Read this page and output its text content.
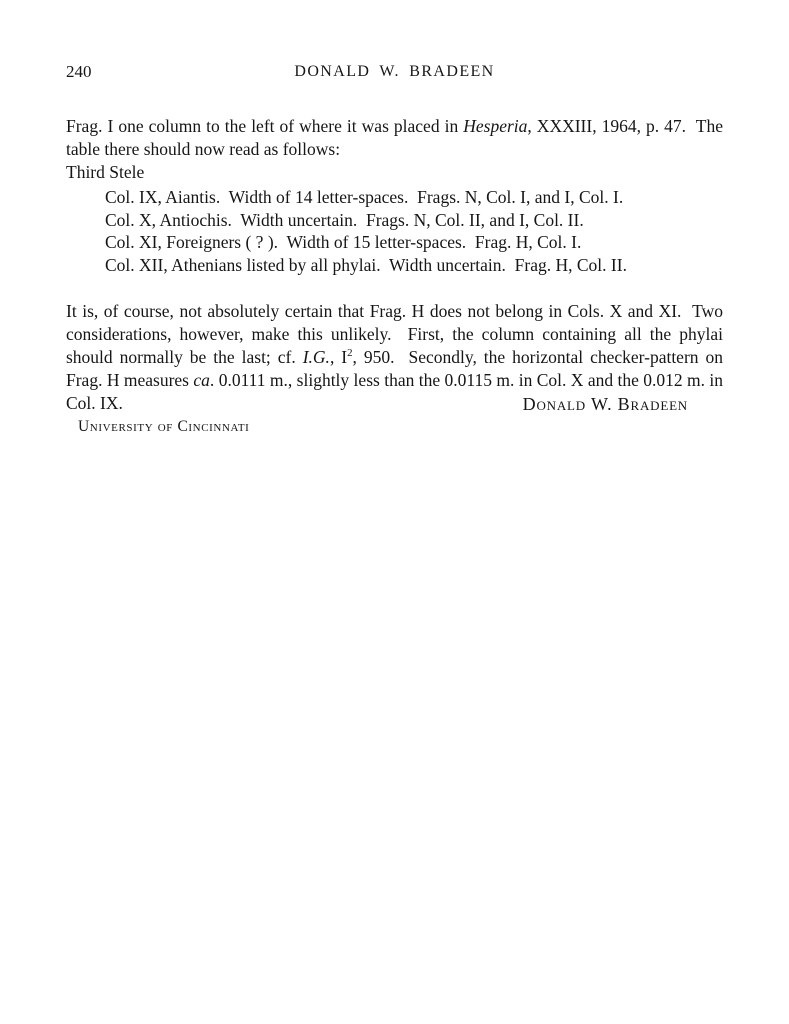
240	DONALD W. BRADEEN

Frag. I one column to the left of where it was placed in Hesperia, XXXIII, 1964, p. 47.  The table there should now read as follows:

Third Stele
Col. IX, Aiantis.  Width of 14 letter-spaces.  Frags. N, Col. I, and I, Col. I.
Col. X, Antiochis.  Width uncertain.  Frags. N, Col. II, and I, Col. II.
Col. XI, Foreigners ( ? ).  Width of 15 letter-spaces.  Frag. H, Col. I.
Col. XII, Athenians listed by all phylai.  Width uncertain.  Frag. H, Col. II.

It is, of course, not absolutely certain that Frag. H does not belong in Cols. X and XI.  Two considerations, however, make this unlikely.  First, the column containing all the phylai should normally be the last; cf. I.G., $I^2$, 950.  Secondly, the horizontal checker-pattern on Frag. H measures ca. 0.0111 m., slightly less than the 0.0115 m. in Col. X and the 0.012 m. in Col. IX.	Donald W. Bradeen
University of Cincinnati
